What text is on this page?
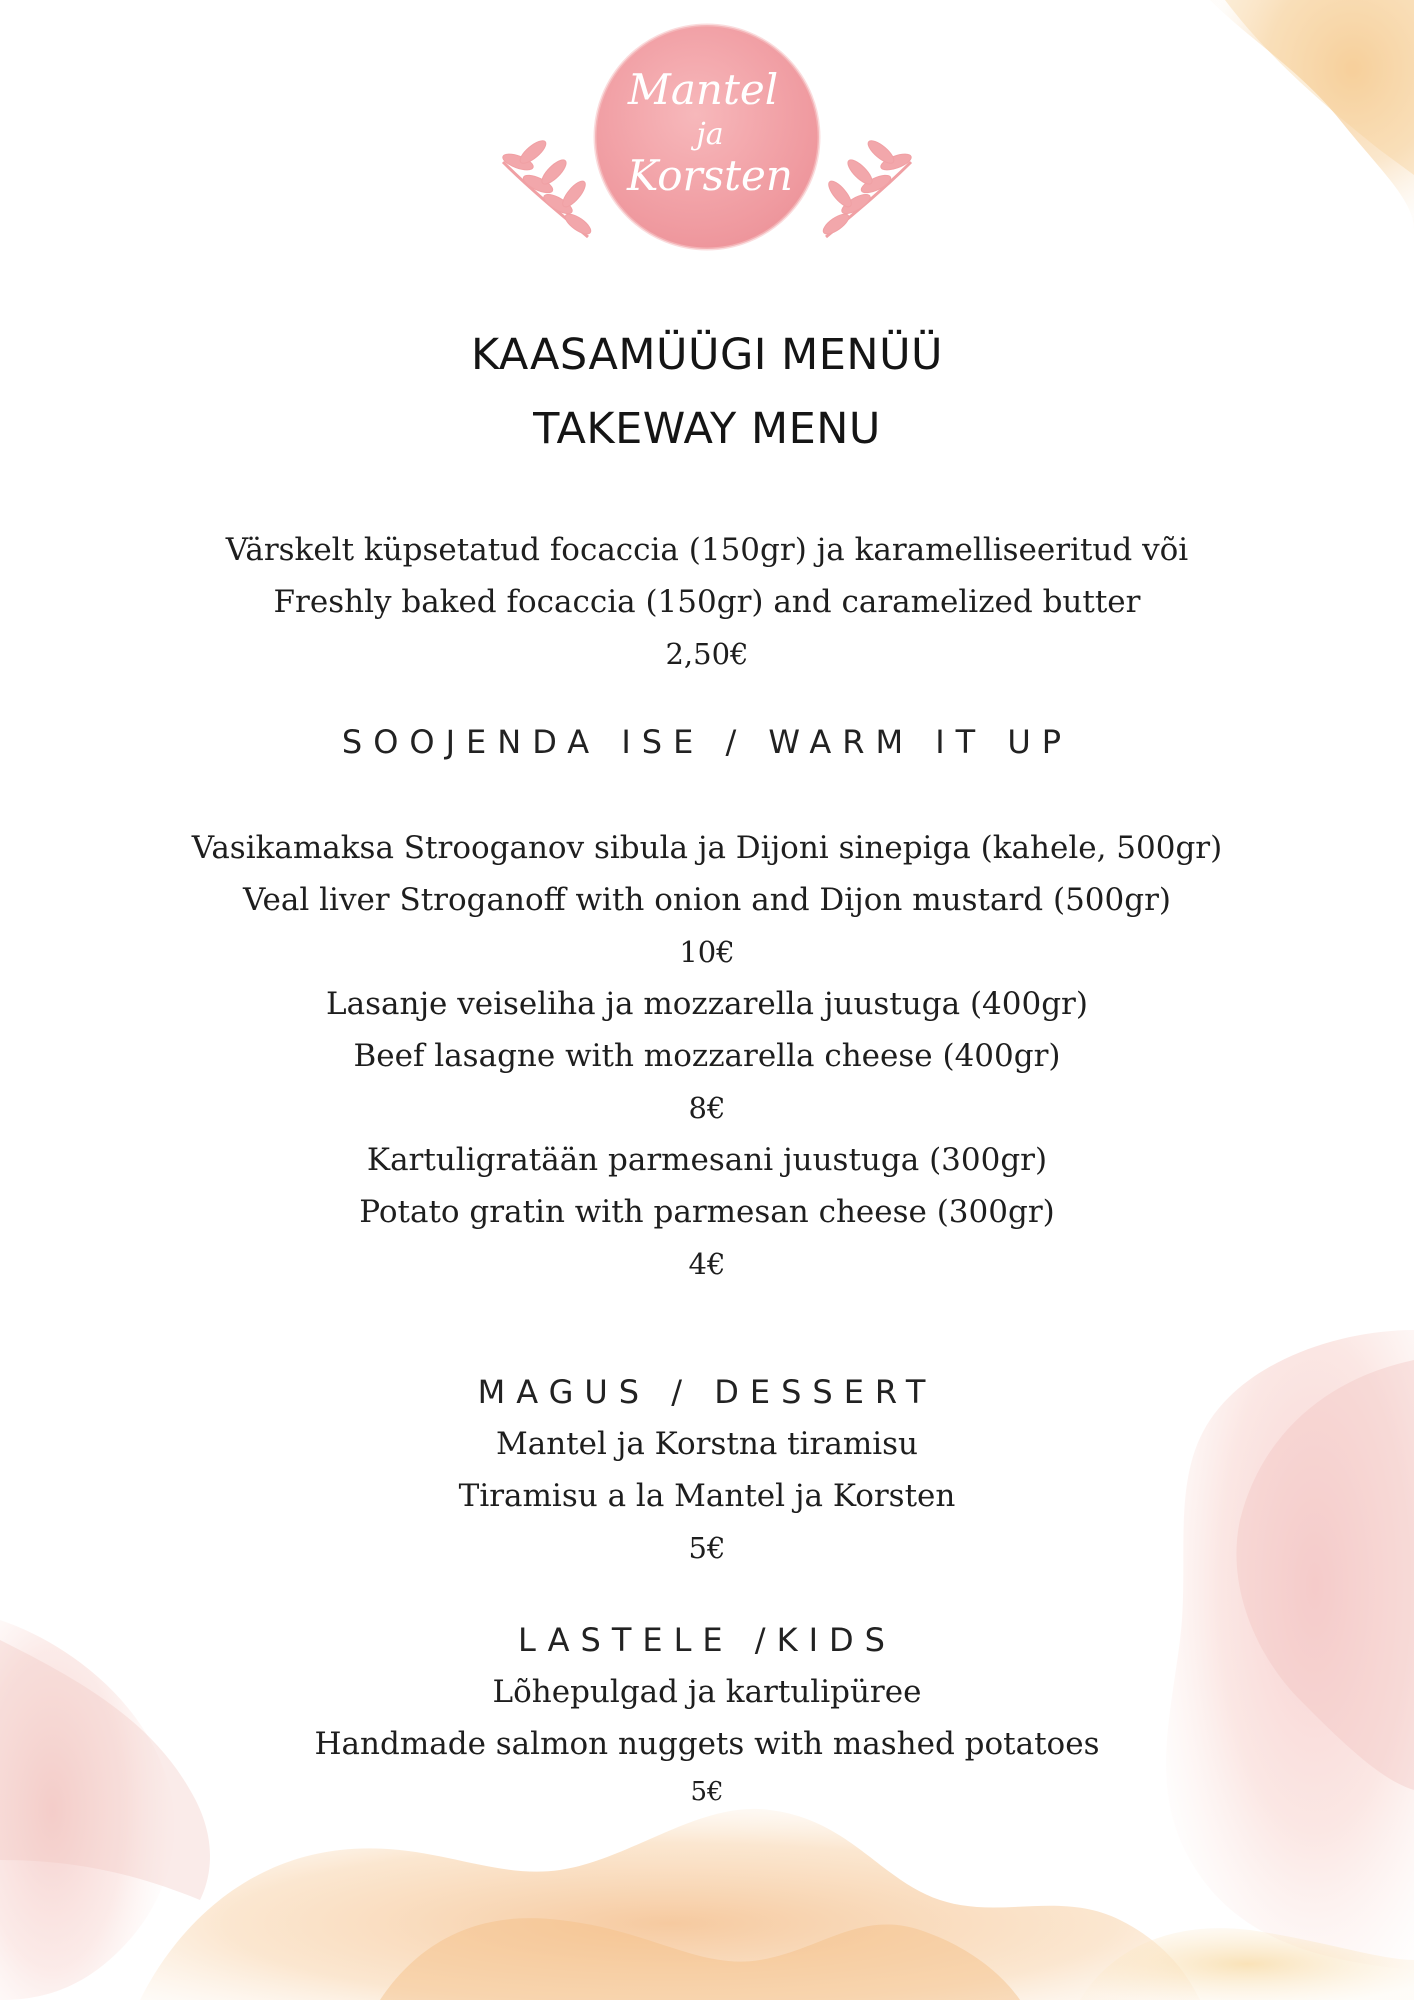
Mantel
ja
Korsten
KAASAMÜÜGI MENÜÜ
TAKEWAY MENU
Värskelt küpsetatud focaccia (150gr) ja karamelliseeritud või
Freshly baked focaccia (150gr) and caramelized butter
2,50€
SOOJENDA ISE / WARM IT UP
Vasikamaksa Strooganov sibula ja Dijoni sinepiga (kahele, 500gr)
Veal liver Stroganoff with onion and Dijon mustard (500gr)
10€
Lasanje veiseliha ja mozzarella juustuga (400gr)
Beef lasagne with mozzarella cheese (400gr)
8€
Kartuligratään parmesani juustuga (300gr)
Potato gratin with parmesan cheese (300gr)
4€
MAGUS / DESSERT
Mantel ja Korstna tiramisu
Tiramisu a la Mantel ja Korsten
5€
LASTELE /KIDS
Lõhepulgad ja kartulipüree
Handmade salmon nuggets with mashed potatoes
5€
